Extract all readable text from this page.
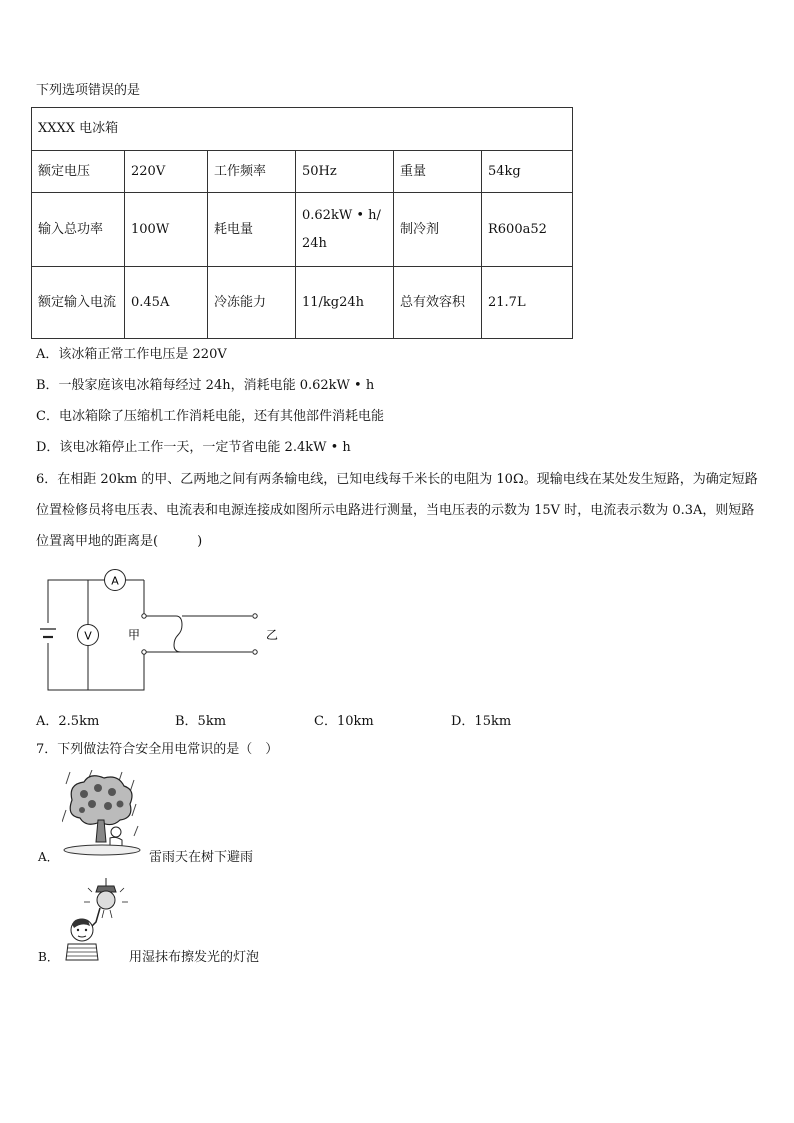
下列选项错误的是
XXXX 电冰箱					
额定电压	220V	工作频率	50Hz	重量	54kg
输入总功率	100W	耗电量	0.62kW • h/24h	制冷剂	R600a52
额定输入电流	0.45A	冷冻能力	11/kg24h	总有效容积	21.7L
A．该冰箱正常工作电压是 220V
B．一般家庭该电冰箱每经过 24h，消耗电能 0.62kW • h
C．电冰箱除了压缩机工作消耗电能，还有其他部件消耗电能
D．该电冰箱停止工作一天，一定节省电能 2.4kW • h
6．在相距 20km 的甲、乙两地之间有两条输电线，已知电线每千米长的电阻为 10Ω。现输电线在某处发生短路，为确定短路位置检修员将电压表、电流表和电源连接成如图所示电路进行测量，当电压表的示数为 15V 时，电流表示数为 0.3A，则短路位置离甲地的距离是(　　　)
A
V	甲	乙
A．2.5km	B．5km	C．10km	D．15km
7．下列做法符合安全用电常识的是（　）
A．	雷雨天在树下避雨
B．	用湿抹布擦发光的灯泡
